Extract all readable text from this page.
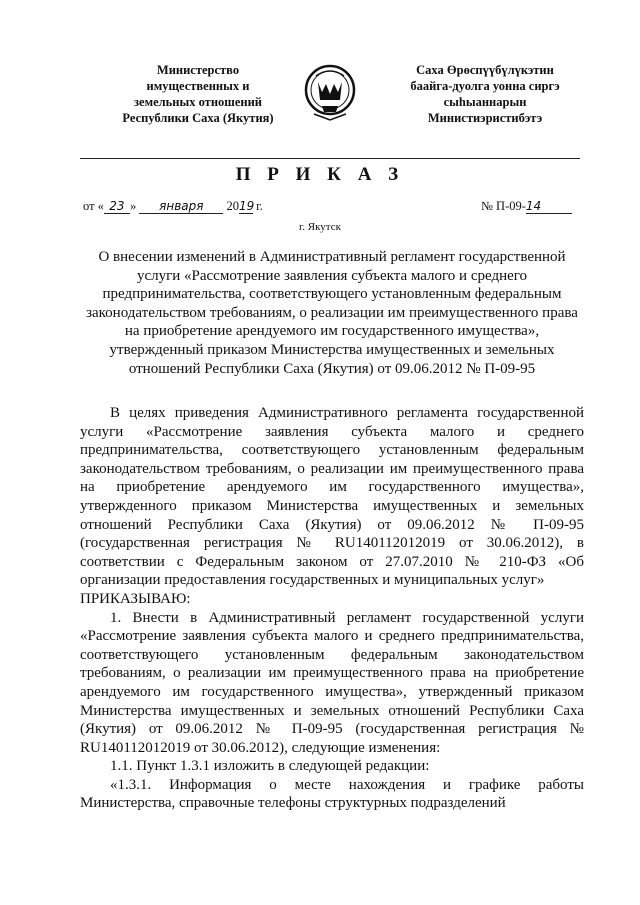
Министерство
имущественных и
земельных отношений
Республики Саха (Якутия)
Саха Өрөспүүбүлүкэтин
баайга-дуолга уонна сиргэ
сыһыаннарын
Министиэристибэтэ
П Р И К А З
от « 23 » января 2019 г.	№ П-09-14
г. Якутск
О внесении изменений в Административный регламент государственной услуги «Рассмотрение заявления субъекта малого и среднего предпринимательства, соответствующего установленным федеральным законодательством требованиям, о реализации им преимущественного права на приобретение арендуемого им государственного имущества», утвержденный приказом Министерства имущественных и земельных отношений Республики Саха (Якутия) от 09.06.2012 № П-09-95

В целях приведения Административного регламента государственной услуги «Рассмотрение заявления субъекта малого и среднего предпринимательства, соответствующего установленным федеральным законодательством требованиям, о реализации им преимущественного права на приобретение арендуемого им государственного имущества», утвержденного приказом Министерства имущественных и земельных отношений Республики Саха (Якутия) от 09.06.2012 № П-09-95 (государственная регистрация № RU140112012019 от 30.06.2012), в соответствии с Федеральным законом от 27.07.2010 № 210-ФЗ «Об организации предоставления государственных и муниципальных услуг»

ПРИКАЗЫВАЮ:

1. Внести в Административный регламент государственной услуги «Рассмотрение заявления субъекта малого и среднего предпринимательства, соответствующего установленным федеральным законодательством требованиям, о реализации им преимущественного права на приобретение арендуемого им государственного имущества», утвержденный приказом Министерства имущественных и земельных отношений Республики Саха (Якутия) от 09.06.2012 № П-09-95 (государственная регистрация № RU140112012019 от 30.06.2012), следующие изменения:

1.1. Пункт 1.3.1 изложить в следующей редакции:

«1.3.1. Информация о месте нахождения и графике работы Министерства, справочные телефоны структурных подразделений
